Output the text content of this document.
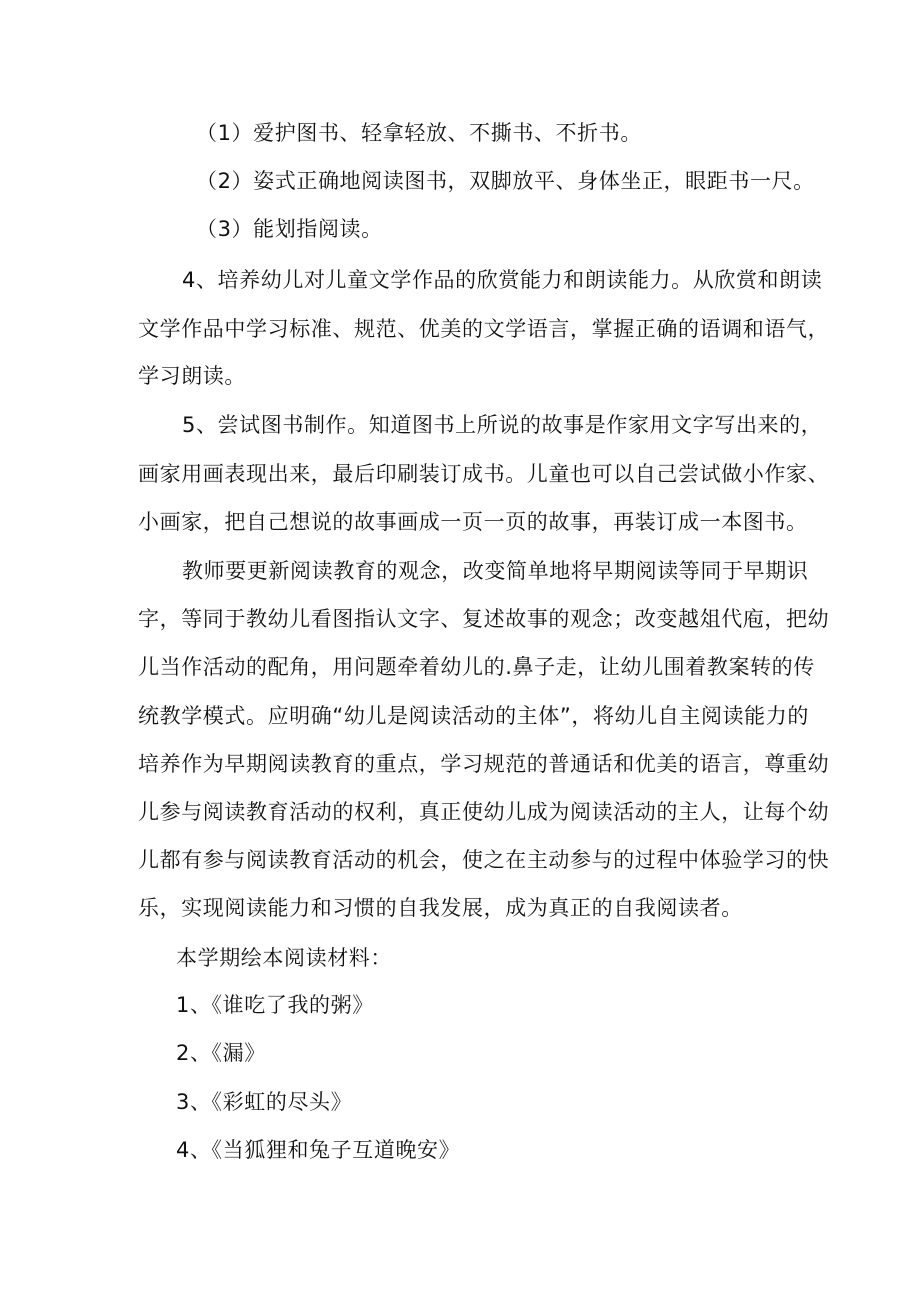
（1）爱护图书、轻拿轻放、不撕书、不折书。
（2）姿式正确地阅读图书，双脚放平、身体坐正，眼距书一尺。
（3）能划指阅读。
4、培养幼儿对儿童文学作品的欣赏能力和朗读能力。从欣赏和朗读
文学作品中学习标准、规范、优美的文学语言，掌握正确的语调和语气，
学习朗读。
5、尝试图书制作。知道图书上所说的故事是作家用文字写出来的，
画家用画表现出来，最后印刷装订成书。儿童也可以自己尝试做小作家、
小画家，把自己想说的故事画成一页一页的故事，再装订成一本图书。
教师要更新阅读教育的观念，改变简单地将早期阅读等同于早期识
字，等同于教幼儿看图指认文字、复述故事的观念；改变越俎代庖，把幼
儿当作活动的配角，用问题牵着幼儿的.鼻子走，让幼儿围着教案转的传
统教学模式。应明确“幼儿是阅读活动的主体”，将幼儿自主阅读能力的
培养作为早期阅读教育的重点，学习规范的普通话和优美的语言，尊重幼
儿参与阅读教育活动的权利，真正使幼儿成为阅读活动的主人，让每个幼
儿都有参与阅读教育活动的机会，使之在主动参与的过程中体验学习的快
乐，实现阅读能力和习惯的自我发展，成为真正的自我阅读者。
本学期绘本阅读材料：
1、《谁吃了我的粥》
2、《漏》
3、《彩虹的尽头》
4、《当狐狸和兔子互道晚安》
